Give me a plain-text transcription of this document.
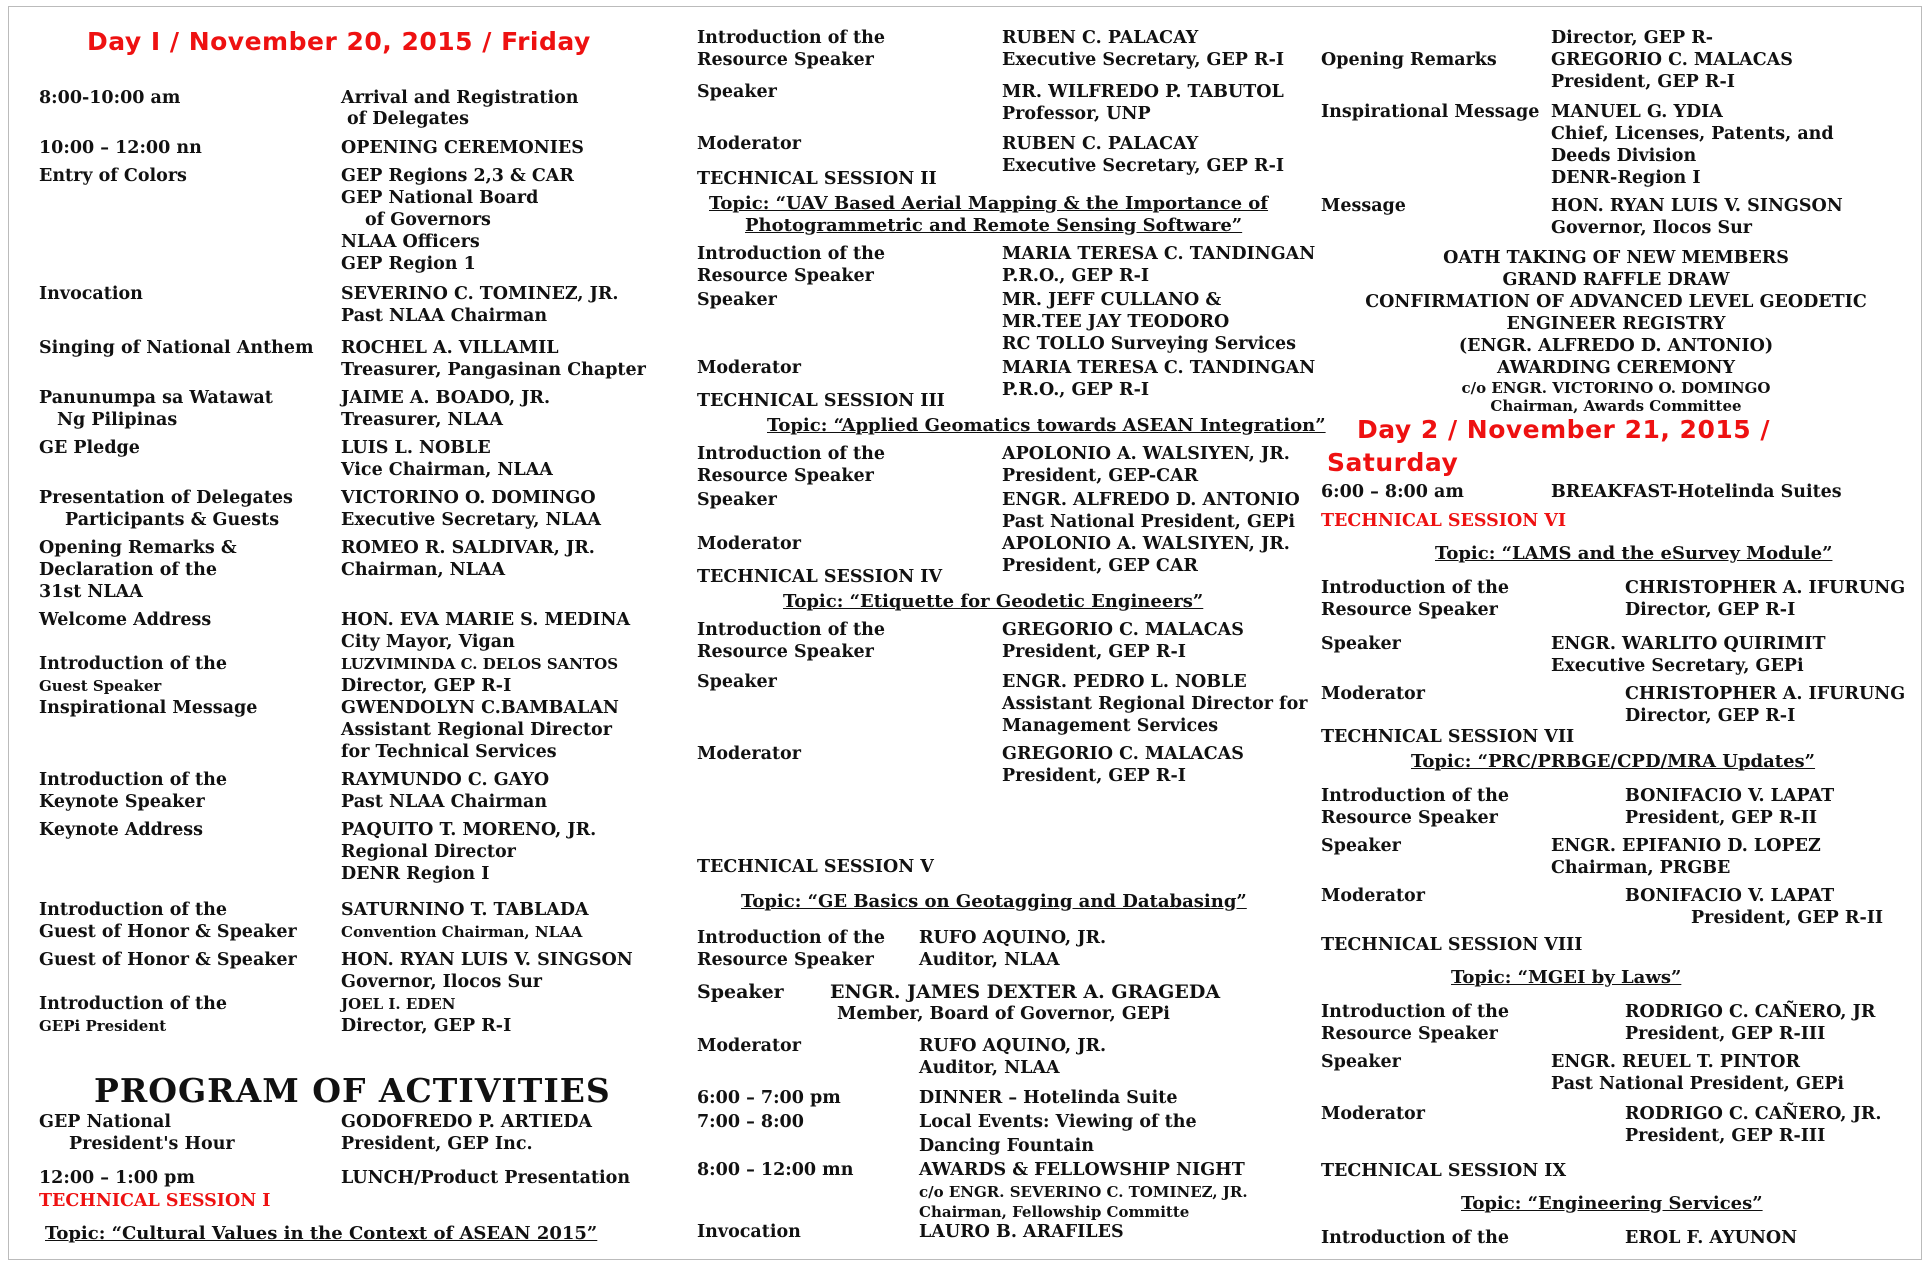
Day I / November 20, 2015 / Friday
8:00-10:00 am	Arrival and Registration
of Delegates
10:00 – 12:00 nn	OPENING CEREMONIES
Entry of Colors	GEP Regions 2,3 & CAR
GEP National Board
of Governors
NLAA Officers
GEP Region 1
Invocation	SEVERINO C. TOMINEZ, JR.
Past NLAA Chairman
Singing of National Anthem ROCHEL A. VILLAMIL
Treasurer, Pangasinan Chapter
Panunumpa sa Watawat	JAIME A. BOADO, JR.
Ng Pilipinas	Treasurer, NLAA
GE Pledge	LUIS L. NOBLE
Vice Chairman, NLAA
Presentation of Delegates	VICTORINO O. DOMINGO
Participants & Guests	Executive Secretary, NLAA
Opening Remarks &	ROMEO R. SALDIVAR, JR.
Declaration of the	Chairman, NLAA
31st NLAA
Welcome Address	HON. EVA MARIE S. MEDINA
City Mayor, Vigan
Introduction of the	LUZVIMINDA C. DELOS SANTOS
Guest Speaker	Director, GEP R-I
Inspirational Message	GWENDOLYN C.BAMBALAN
Assistant Regional Director
for Technical Services
Introduction of the	RAYMUNDO C. GAYO
Keynote Speaker	Past NLAA Chairman
Keynote Address	PAQUITO T. MORENO, JR.
Regional Director
DENR Region I
Introduction of the	SATURNINO T. TABLADA
Guest of Honor & Speaker	Convention Chairman, NLAA
Guest of Honor & Speaker	HON. RYAN LUIS V. SINGSON
Governor, Ilocos Sur
Introduction of the	JOEL I. EDEN
GEPi President	Director, GEP R-I
PROGRAM OF ACTIVITIES
GEP National	GODOFREDO P. ARTIEDA
President's Hour	President, GEP Inc.
12:00 – 1:00 pm	LUNCH/Product Presentation
TECHNICAL SESSION I
Topic: “Cultural Values in the Context of ASEAN 2015”
Introduction of the	RUBEN C. PALACAY
Resource Speaker	Executive Secretary, GEP R-I
Speaker	MR. WILFREDO P. TABUTOL
Professor, UNP
Moderator	RUBEN C. PALACAY
Executive Secretary, GEP R-I
TECHNICAL SESSION II
Topic: “UAV Based Aerial Mapping & the Importance of
Photogrammetric and Remote Sensing Software”
Introduction of the	MARIA TERESA C. TANDINGAN
Resource Speaker	P.R.O., GEP R-I
Speaker	MR. JEFF CULLANO &
MR.TEE JAY TEODORO
RC TOLLO Surveying Services
Moderator	MARIA TERESA C. TANDINGAN
P.R.O., GEP R-I
TECHNICAL SESSION III
Topic: “Applied Geomatics towards ASEAN Integration”
Introduction of the	APOLONIO A. WALSIYEN, JR.
Resource Speaker	President, GEP-CAR
Speaker	ENGR. ALFREDO D. ANTONIO
Past National President, GEPi
Moderator	APOLONIO A. WALSIYEN, JR.
President, GEP CAR
TECHNICAL SESSION IV
Topic: “Etiquette for Geodetic Engineers”
Introduction of the	GREGORIO C. MALACAS
Resource Speaker	President, GEP R-I
Speaker	ENGR. PEDRO L. NOBLE
Assistant Regional Director for
Management Services
Moderator	GREGORIO C. MALACAS
President, GEP R-I
TECHNICAL SESSION V
Topic: “GE Basics on Geotagging and Databasing”
Introduction of the RUFO AQUINO, JR.
Resource Speaker	Auditor, NLAA
Speaker ENGR. JAMES DEXTER A. GRAGEDA
Member, Board of Governor, GEPi
Moderator	RUFO AQUINO, JR.
Auditor, NLAA
6:00 – 7:00 pm	DINNER – Hotelinda Suite
7:00 – 8:00	Local Events: Viewing of the
Dancing Fountain
8:00 – 12:00 mn	AWARDS & FELLOWSHIP NIGHT
c/o ENGR. SEVERINO C. TOMINEZ, JR.
Chairman, Fellowship Committe
Invocation	LAURO B. ARAFILES
Director, GEP R-
Opening Remarks	GREGORIO C. MALACAS
President, GEP R-I
Inspirational Message MANUEL G. YDIA
Chief, Licenses, Patents, and
Deeds Division
DENR-Region I
Message	HON. RYAN LUIS V. SINGSON
Governor, Ilocos Sur
OATH TAKING OF NEW MEMBERS
GRAND RAFFLE DRAW
CONFIRMATION OF ADVANCED LEVEL GEODETIC
ENGINEER REGISTRY
(ENGR. ALFREDO D. ANTONIO)
AWARDING CEREMONY
c/o ENGR. VICTORINO O. DOMINGO
Chairman, Awards Committee
Day 2 / November 21, 2015 /
Saturday
6:00 – 8:00 am	BREAKFAST-Hotelinda Suites
TECHNICAL SESSION VI
Topic: “LAMS and the eSurvey Module”
Introduction of the	CHRISTOPHER A. IFURUNG
Resource Speaker	Director, GEP R-I
Speaker	ENGR. WARLITO QUIRIMIT
Executive Secretary, GEPi
Moderator	CHRISTOPHER A. IFURUNG
Director, GEP R-I
TECHNICAL SESSION VII
Topic: “PRC/PRBGE/CPD/MRA Updates”
Introduction of the	BONIFACIO V. LAPAT
Resource Speaker	President, GEP R-II
Speaker	ENGR. EPIFANIO D. LOPEZ
Chairman, PRGBE
Moderator	BONIFACIO V. LAPAT
President, GEP R-II
TECHNICAL SESSION VIII
Topic: “MGEI by Laws”
Introduction of the	RODRIGO C. CAÑERO, JR
Resource Speaker	President, GEP R-III
Speaker	ENGR. REUEL T. PINTOR
Past National President, GEPi
Moderator	RODRIGO C. CAÑERO, JR.
President, GEP R-III
TECHNICAL SESSION IX
Topic: “Engineering Services”
Introduction of the	EROL F. AYUNON
